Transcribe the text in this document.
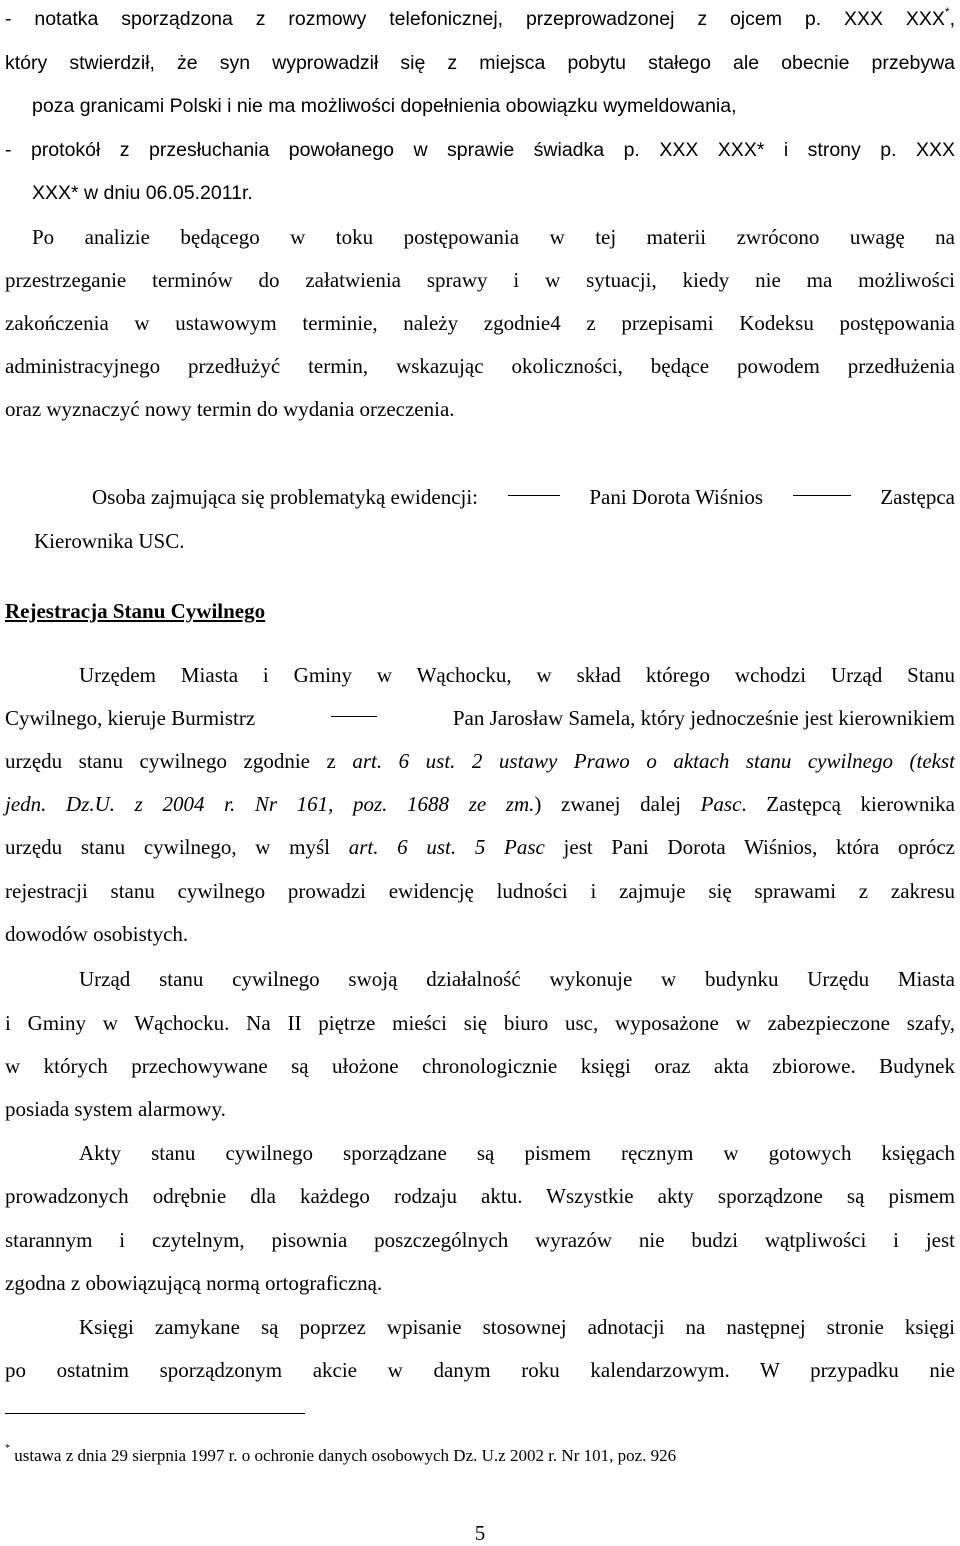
- notatka sporządzona z rozmowy telefonicznej, przeprowadzonej z ojcem p. XXX XXX*,

który stwierdził, że syn wyprowadził się z miejsca pobytu stałego ale obecnie przebywa

poza granicami Polski i nie ma możliwości dopełnienia obowiązku wymeldowania,

- protokół z przesłuchania powołanego w sprawie świadka p. XXX XXX* i strony p. XXX

XXX* w dniu 06.05.2011r.

Po analizie będącego w toku postępowania w tej materii zwrócono uwagę na

przestrzeganie terminów do załatwienia sprawy i w sytuacji, kiedy nie ma możliwości

zakończenia w ustawowym terminie, należy zgodnie4 z przepisami Kodeksu postępowania

administracyjnego przedłużyć termin, wskazując okoliczności, będące powodem przedłużenia

oraz wyznaczyć nowy termin do wydania orzeczenia.

Osoba zajmująca się problematyką ewidencji:	Pani Dorota Wiśnios	Zastępca

Kierownika USC.

Rejestracja Stanu Cywilnego

Urzędem Miasta i Gminy w Wąchocku, w skład którego wchodzi Urząd Stanu

Cywilnego, kieruje Burmistrz	Pan Jarosław Samela, który jednocześnie jest kierownikiem

urzędu stanu cywilnego zgodnie z art. 6 ust. 2 ustawy Prawo o aktach stanu cywilnego (tekst

jedn. Dz.U. z 2004 r. Nr 161, poz. 1688 ze zm.) zwanej dalej Pasc. Zastępcą kierownika

urzędu stanu cywilnego, w myśl art. 6 ust. 5 Pasc jest Pani Dorota Wiśnios, która oprócz

rejestracji stanu cywilnego prowadzi ewidencję ludności i zajmuje się sprawami z zakresu

dowodów osobistych.

Urząd stanu cywilnego swoją działalność wykonuje w budynku Urzędu Miasta

i Gminy w Wąchocku. Na II piętrze mieści się biuro usc, wyposażone w zabezpieczone szafy,

w których przechowywane są ułożone chronologicznie księgi oraz akta zbiorowe. Budynek

posiada system alarmowy.

Akty stanu cywilnego sporządzane są pismem ręcznym w gotowych księgach

prowadzonych odrębnie dla każdego rodzaju aktu. Wszystkie akty sporządzone są pismem

starannym i czytelnym, pisownia poszczególnych wyrazów nie budzi wątpliwości i jest

zgodna z obowiązującą normą ortograficzną.

Księgi zamykane są poprzez wpisanie stosownej adnotacji na następnej stronie księgi

po ostatnim sporządzonym akcie w danym roku kalendarzowym. W przypadku nie

* ustawa z dnia 29 sierpnia 1997 r. o ochronie danych osobowych Dz. U.z 2002 r. Nr 101, poz. 926

5
